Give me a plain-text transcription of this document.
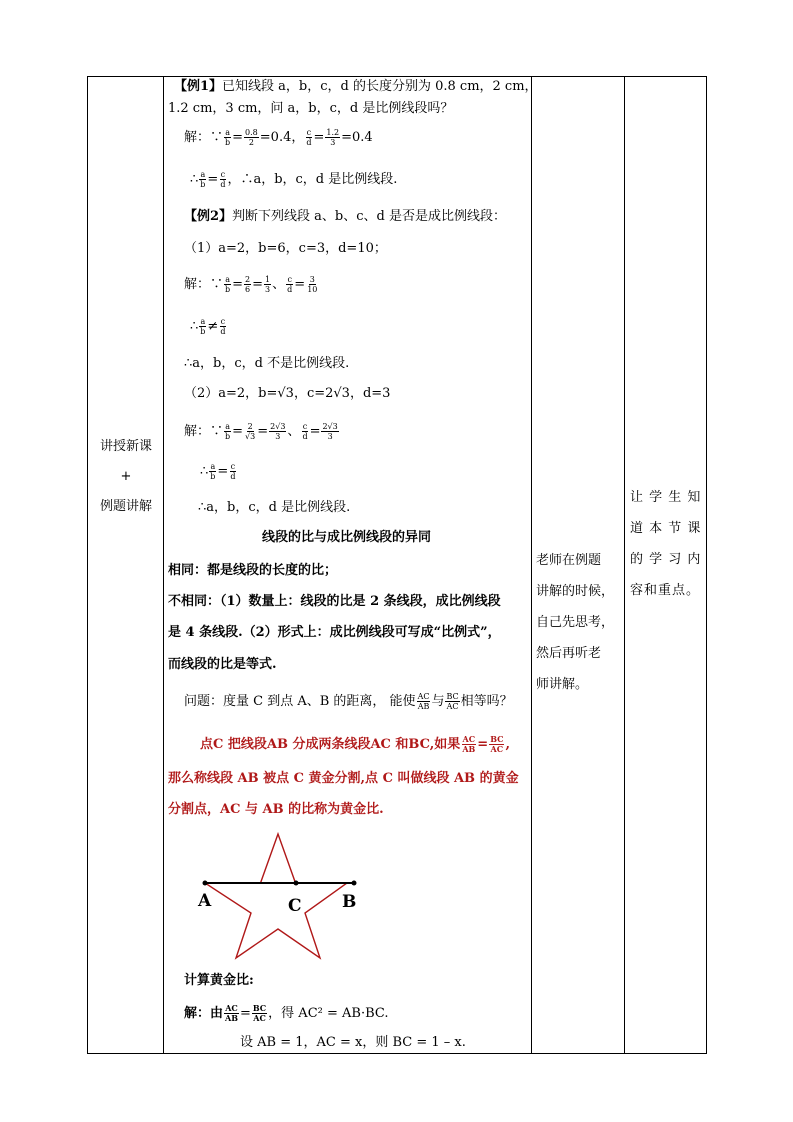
讲授新课
+
例题讲解
【例1】已知线段 a，b，c，d 的长度分别为 0.8 cm，2 cm，
1.2 cm，3 cm，问 a，b，c，d 是比例线段吗？
解：∵ $\frac{a}{b} = \frac{0.8}{2} =0.4$， $\frac{c}{d} = \frac{1.2}{3} =0.4$
∴ $\frac{a}{b} = \frac{c}{d}$ ，∴a，b，c，d 是比例线段.
【例2】判断下列线段 a、b、c、d 是否是成比例线段：
（1）a=2，b=6，c=3，d=10；
解：∵ $\frac{a}{b} = \frac{2}{6} = \frac{1}{3}$ 、 $\frac{c}{d} = \frac{3}{10}$
∴ $\frac{a}{b} \ne \frac{c}{d}$
∴a，b，c，d 不是比例线段.
（2）a=2，b=√3，c=2√3，d=3
解：∵ $\frac{a}{b} = \frac{2}{√3} = \frac{2√3}{3}$ 、 $\frac{c}{d} = \frac{2√3}{3}$
∴ $\frac{a}{b} = \frac{c}{d}$
∴a，b，c，d 是比例线段.
线段的比与成比例线段的异同
相同：都是线段的长度的比；
不相同：（1）数量上：线段的比是 2 条线段，成比例线段
是 4 条线段.（2）形式上：成比例线段可写成“比例式”，
而线段的比是等式.
问题：度量 C 到点 A、B 的距离， 能使 $\frac{AC}{AB}$ 与 $\frac{BC}{AC}$ 相等吗？
点C 把线段AB 分成两条线段AC 和BC,如果 $\frac{AC}{AB} = \frac{BC}{AC}$ ,
那么称线段 AB 被点 C 黄金分割,点 C 叫做线段 AB 的黄金
分割点，AC 与 AB 的比称为黄金比.
计算黄金比:
解：由 $\frac{AC}{AB} = \frac{BC}{AC}$ ，得 AC² = AB·BC.
设 AB = 1，AC = x，则 BC = 1 – x.
A	C B
老师在例题
讲解的时候，
自己先思考，
然后再听老
师讲解。
让 学 生 知
道 本 节 课
的 学 习 内
容和重点。
